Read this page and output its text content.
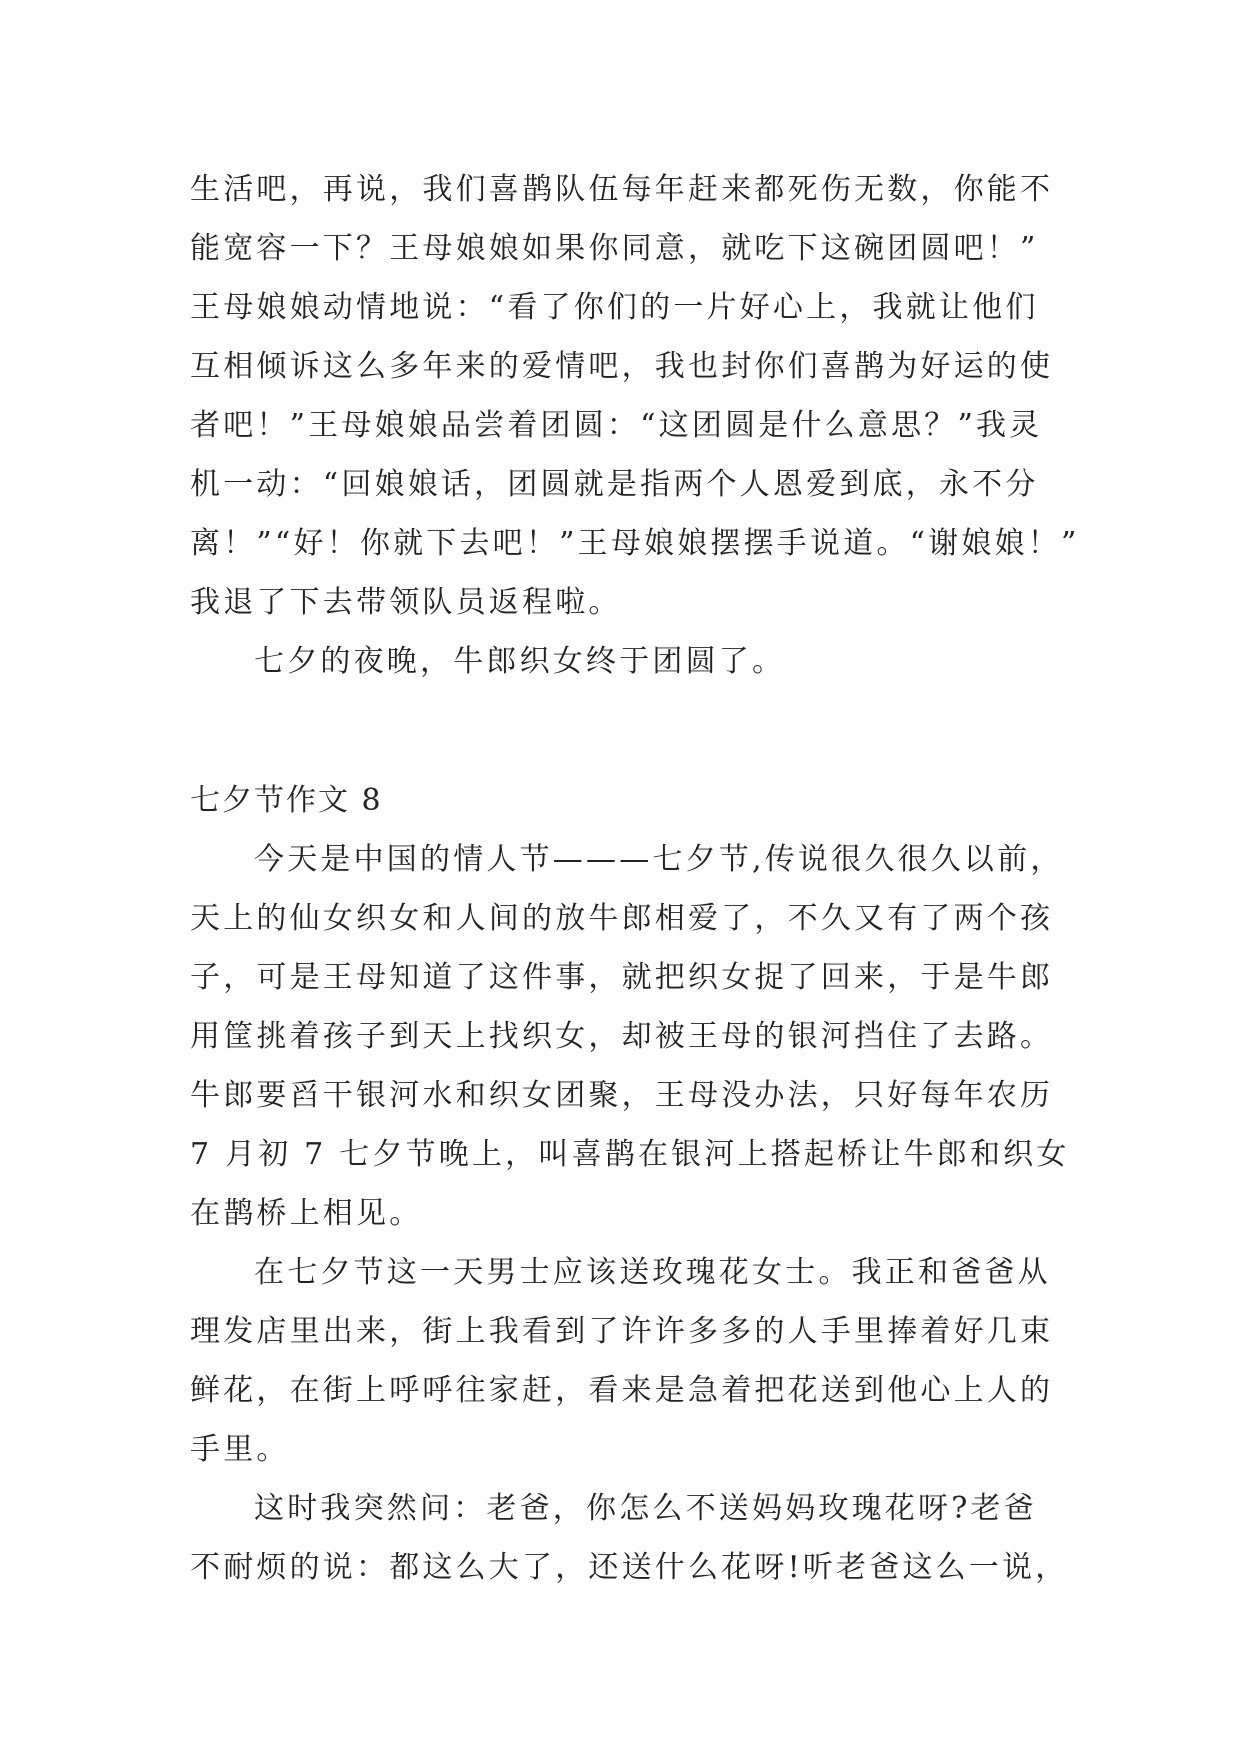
生活吧，再说，我们喜鹊队伍每年赶来都死伤无数，你能不
能宽容一下？王母娘娘如果你同意，就吃下这碗团圆吧！”
王母娘娘动情地说：“看了你们的一片好心上，我就让他们
互相倾诉这么多年来的爱情吧，我也封你们喜鹊为好运的使
者吧！”王母娘娘品尝着团圆：“这团圆是什么意思？”我灵
机一动：“回娘娘话，团圆就是指两个人恩爱到底，永不分
离！”“好！你就下去吧！”王母娘娘摆摆手说道。“谢娘娘！”
我退了下去带领队员返程啦。
七夕的夜晚，牛郎织女终于团圆了。
七夕节作文 8
今天是中国的情人节———七夕节,传说很久很久以前，
天上的仙女织女和人间的放牛郎相爱了，不久又有了两个孩
子，可是王母知道了这件事，就把织女捉了回来，于是牛郎
用筐挑着孩子到天上找织女，却被王母的银河挡住了去路。
牛郎要舀干银河水和织女团聚，王母没办法，只好每年农历
7 月初 7 七夕节晚上，叫喜鹊在银河上搭起桥让牛郎和织女
在鹊桥上相见。
在七夕节这一天男士应该送玫瑰花女士。我正和爸爸从
理发店里出来，街上我看到了许许多多的人手里捧着好几束
鲜花，在街上呼呼往家赶，看来是急着把花送到他心上人的
手里。
这时我突然问：老爸，你怎么不送妈妈玫瑰花呀?老爸
不耐烦的说：都这么大了，还送什么花呀!听老爸这么一说，
